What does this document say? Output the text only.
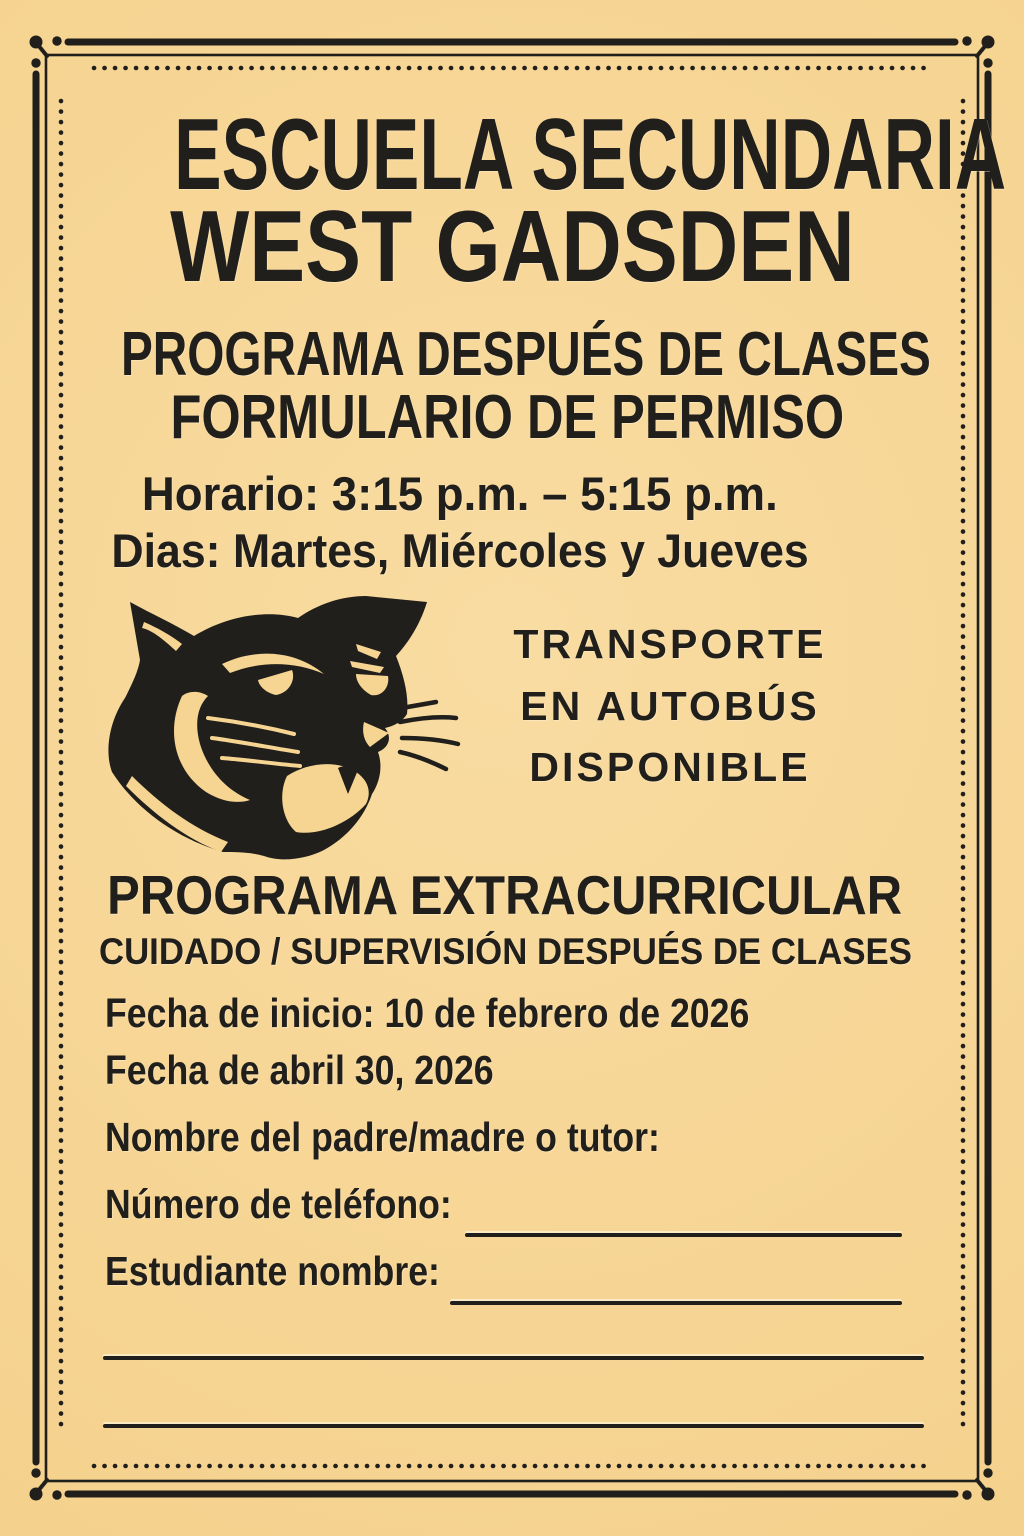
ESCUELA SECUNDARIA
WEST GADSDEN
PROGRAMA DESPUÉS DE CLASES
FORMULARIO DE PERMISO
Horario: 3:15 p.m. – 5:15 p.m.
Dias: Martes, Miércoles y Jueves
TRANSPORTE
EN AUTOBÚS
DISPONIBLE
PROGRAMA EXTRACURRICULAR
CUIDADO / SUPERVISIÓN DESPUÉS DE CLASES
Fecha de inicio: 10 de febrero de 2026
Fecha de abril 30, 2026
Nombre del padre/madre o tutor:
Número de teléfono:
Estudiante nombre:
